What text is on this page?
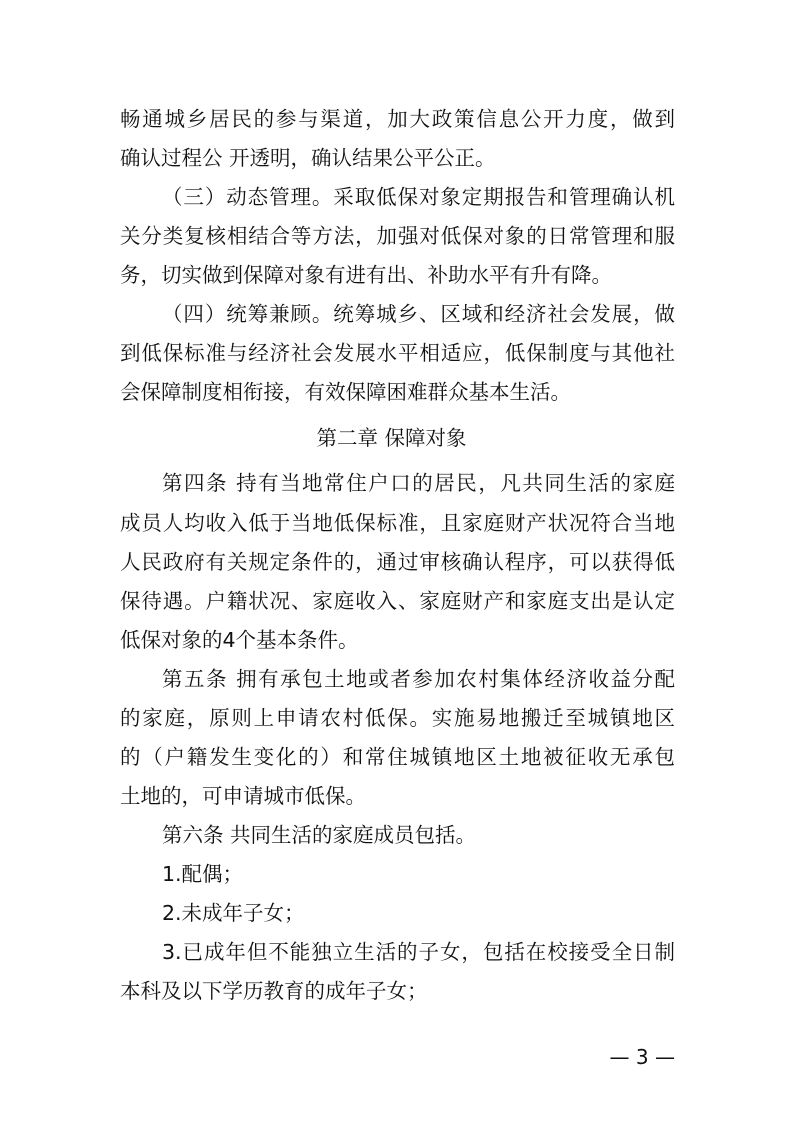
畅通城乡居民的参与渠道，加大政策信息公开力度，做到
确认过程公 开透明，确认结果公平公正。
（三）动态管理。采取低保对象定期报告和管理确认机
关分类复核相结合等方法，加强对低保对象的日常管理和服
务，切实做到保障对象有进有出、补助水平有升有降。
（四）统筹兼顾。统筹城乡、区域和经济社会发展，做
到低保标准与经济社会发展水平相适应，低保制度与其他社
会保障制度相衔接，有效保障困难群众基本生活。
第二章 保障对象
第四条 持有当地常住户口的居民，凡共同生活的家庭
成员人均收入低于当地低保标准，且家庭财产状况符合当地
人民政府有关规定条件的，通过审核确认程序，可以获得低
保待遇。户籍状况、家庭收入、家庭财产和家庭支出是认定
低保对象的4个基本条件。
第五条 拥有承包土地或者参加农村集体经济收益分配
的家庭，原则上申请农村低保。实施易地搬迁至城镇地区
的（户籍发生变化的）和常住城镇地区土地被征收无承包
土地的，可申请城市低保。
第六条 共同生活的家庭成员包括。
1.配偶；
2.未成年子女；
3.已成年但不能独立生活的子女，包括在校接受全日制
本科及以下学历教育的成年子女；
— 3 —
